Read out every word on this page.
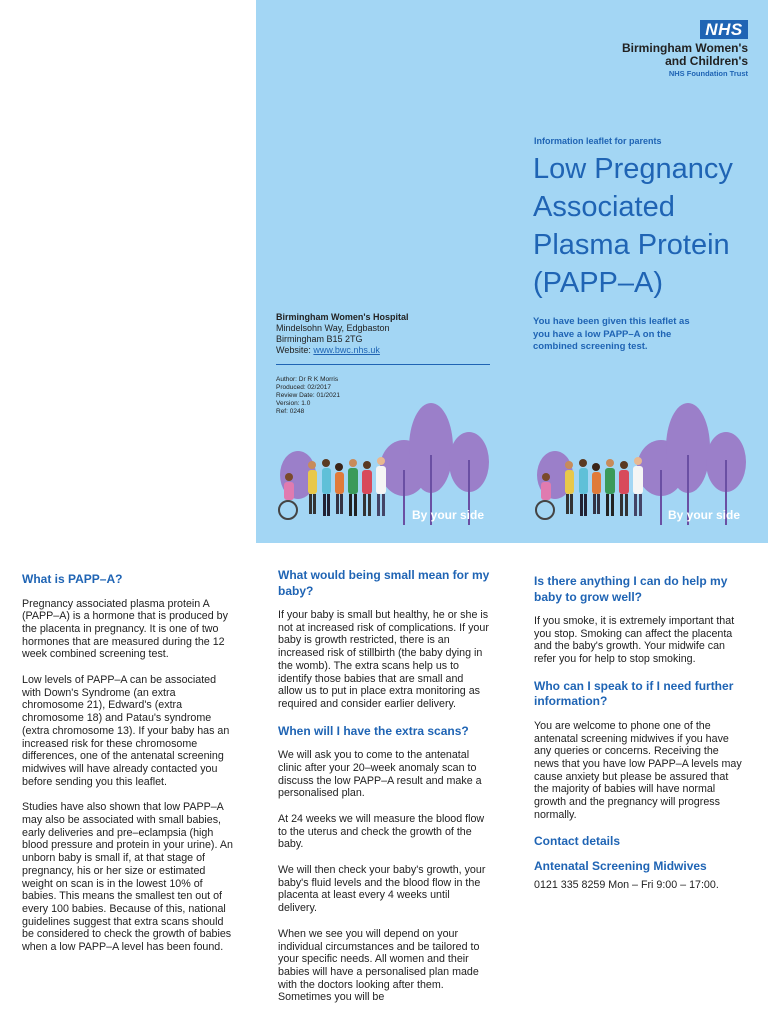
NHS
Birmingham Women's
and Children's
NHS Foundation Trust
Information leaflet for parents
Low Pregnancy Associated Plasma Protein (PAPP–A)
You have been given this leaflet as you have a low PAPP–A on the combined screening test.
Birmingham Women's Hospital
Mindelsohn Way, Edgbaston
Birmingham B15 2TG
Website: www.bwc.nhs.uk
Author: Dr R K Morris
Produced: 02/2017
Review Date: 01/2021
Version: 1.0
Ref: 0248
By your side	By your side
What is PAPP–A?

Pregnancy associated plasma protein A (PAPP–A) is a hormone that is produced by the placenta in pregnancy. It is one of two hormones that are measured during the 12 week combined screening test.

Low levels of PAPP–A can be associated with Down's Syndrome (an extra chromosome 21), Edward's (extra chromosome 18) and Patau's syndrome (extra chromosome 13). If your baby has an increased risk for these chromosome differences, one of the antenatal screening midwives will have already contacted you before sending you this leaflet.

Studies have also shown that low PAPP–A may also be associated with small babies, early deliveries and pre–eclampsia (high blood pressure and protein in your urine). An unborn baby is small if, at that stage of pregnancy, his or her size or estimated weight on scan is in the lowest 10% of babies. This means the smallest ten out of every 100 babies. Because of this, national guidelines suggest that extra scans should be considered to check the growth of babies when a low PAPP–A level has been found.

What would being small mean for my baby?

If your baby is small but healthy, he or she is not at increased risk of complications. If your baby is growth restricted, there is an increased risk of stillbirth (the baby dying in the womb). The extra scans help us to identify those babies that are small and allow us to put in place extra monitoring as required and consider earlier delivery.

When will I have the extra scans?

We will ask you to come to the antenatal clinic after your 20–week anomaly scan to discuss the low PAPP–A result and make a personalised plan.

At 24 weeks we will measure the blood flow to the uterus and check the growth of the baby.

We will then check your baby's growth, your baby's fluid levels and the blood flow in the placenta at least every 4 weeks until delivery.

When we see you will depend on your individual circumstances and be tailored to your specific needs. All women and their babies will have a personalised plan made with the doctors looking after them. Sometimes you will be

Is there anything I can do help my baby to grow well?

If you smoke, it is extremely important that you stop. Smoking can affect the placenta and the baby's growth. Your midwife can refer you for help to stop smoking.

Who can I speak to if I need further information?

You are welcome to phone one of the antenatal screening midwives if you have any queries or concerns. Receiving the news that you have low PAPP–A levels may cause anxiety but please be assured that the majority of babies will have normal growth and the pregnancy will progress normally.

Contact details
Antenatal Screening Midwives

0121 335 8259 Mon – Fri 9:00 – 17:00.
